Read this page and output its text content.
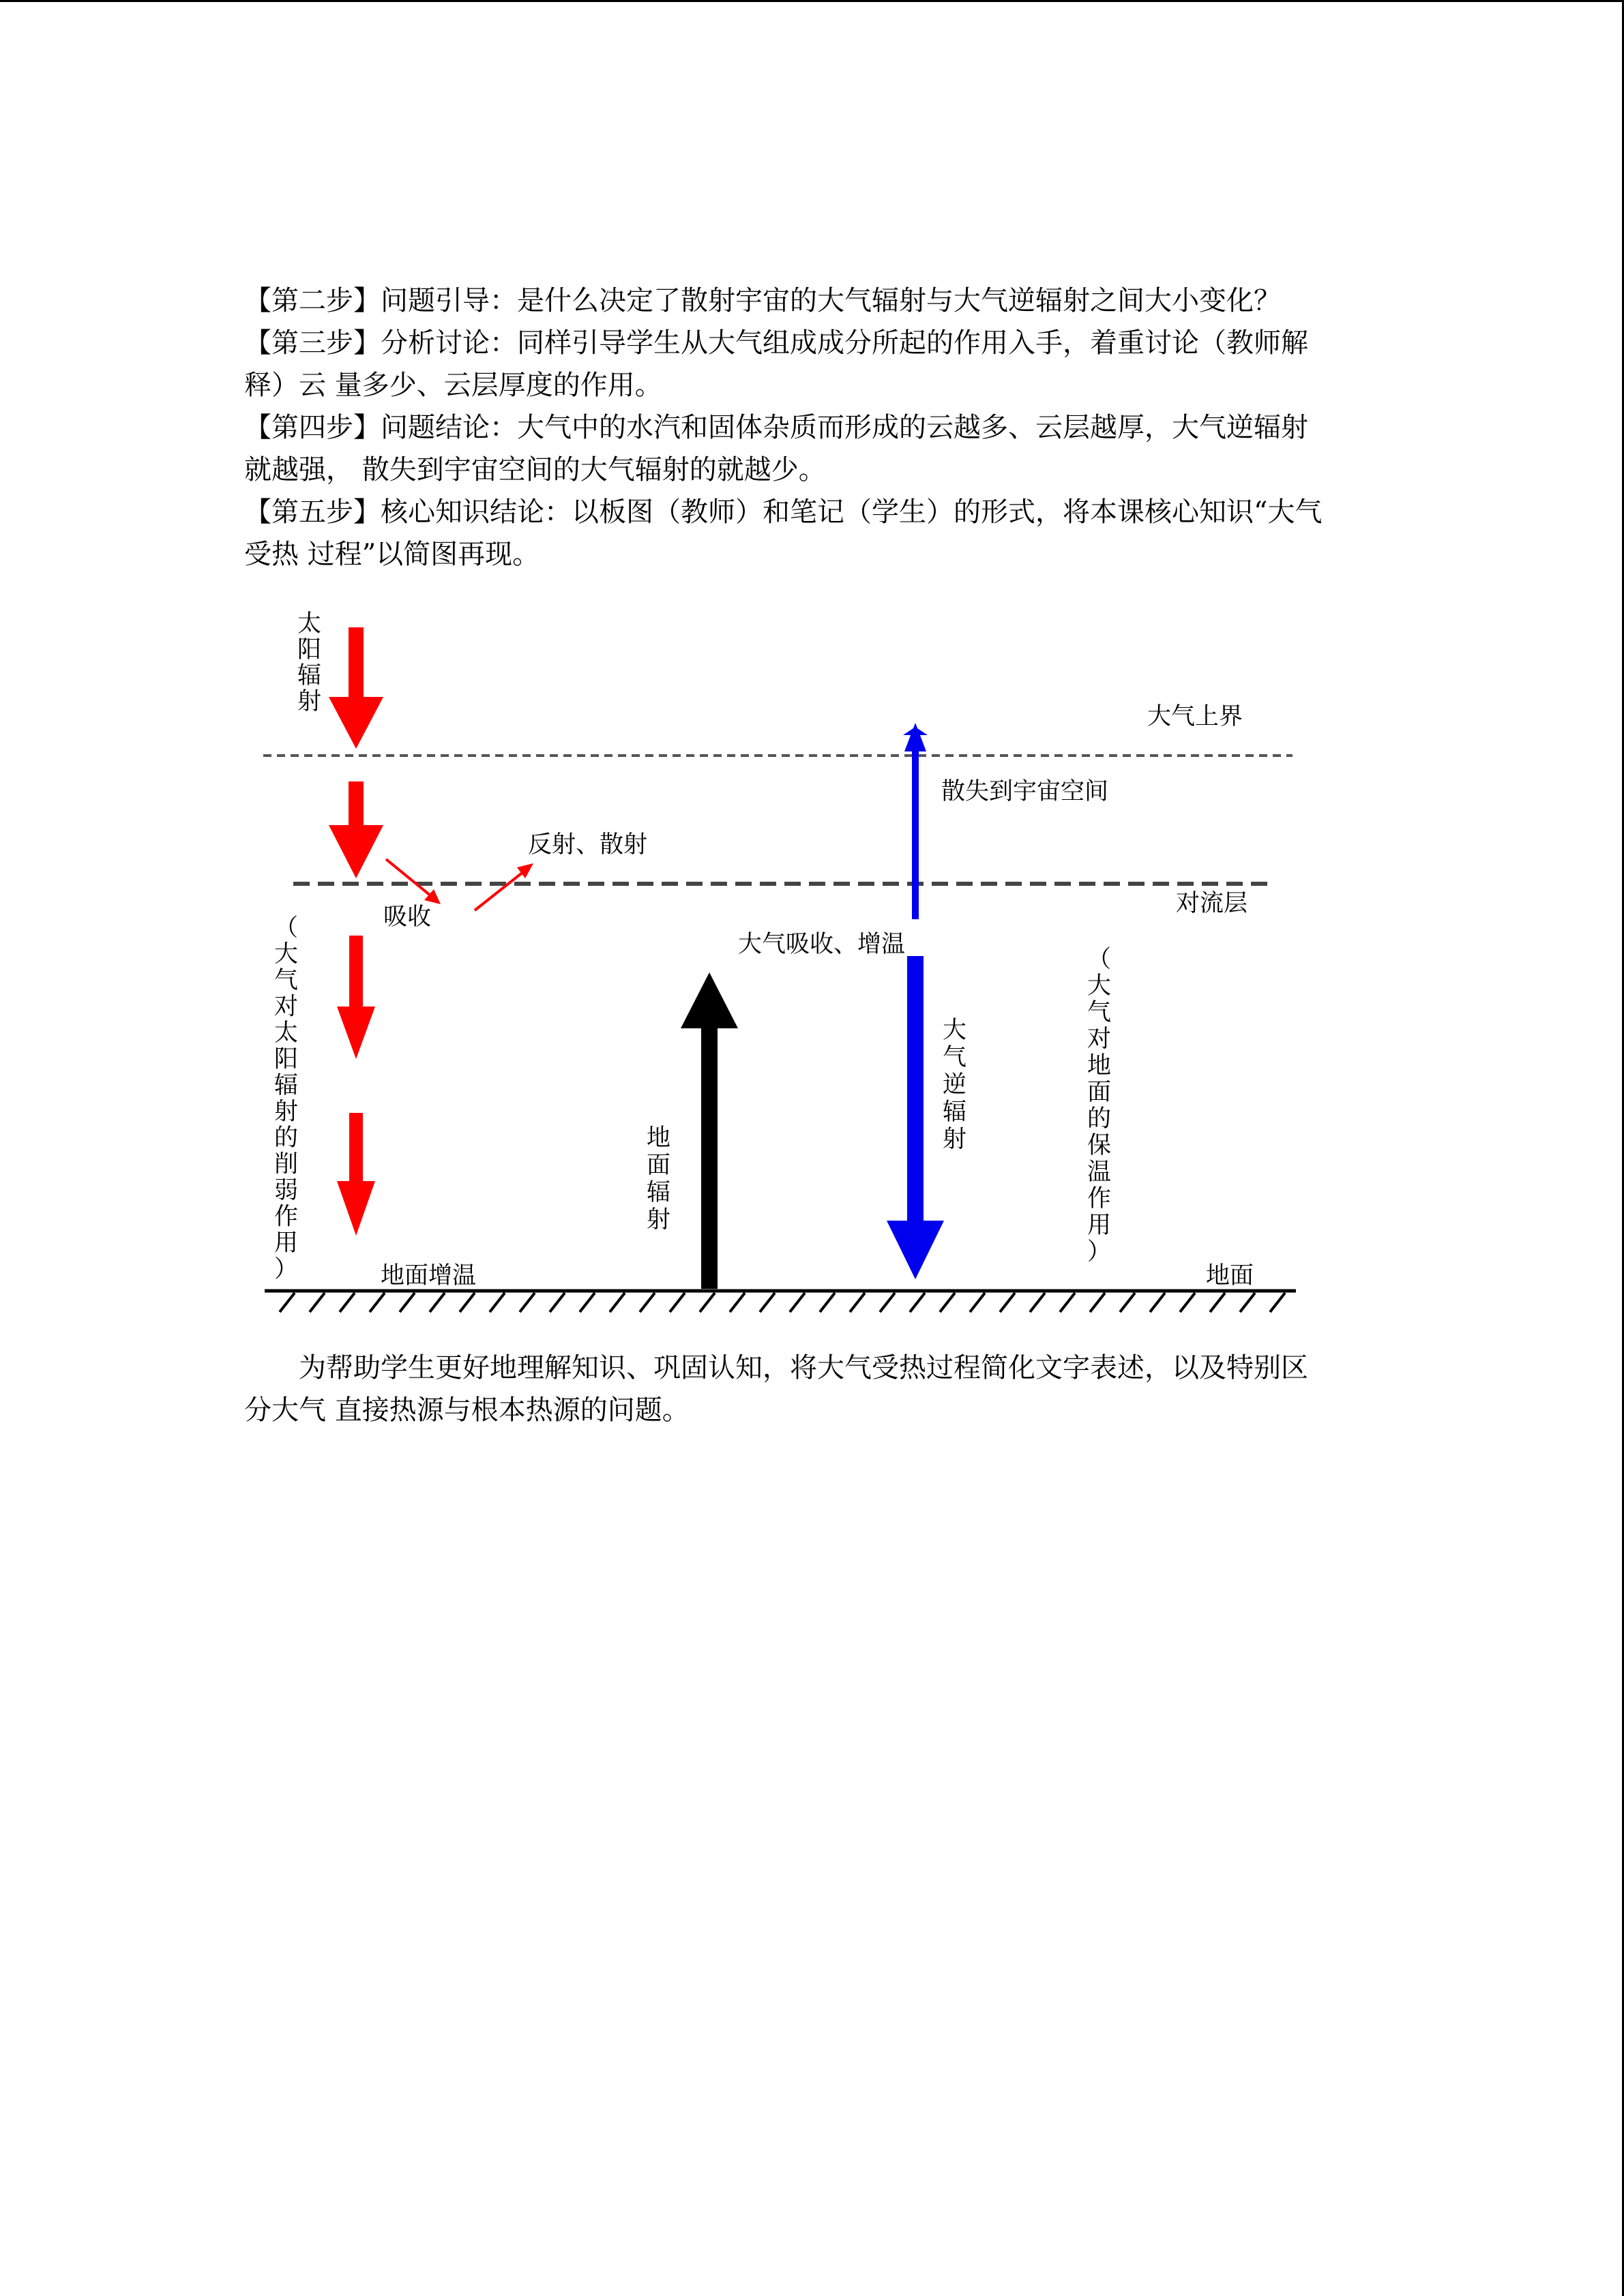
【第二步】问题引导：是什么决定了散射宇宙的大气辐射与大气逆辐射之间大小变化？

【第三步】分析讨论：同样引导学生从大气组成成分所起的作用入手，着重讨论（教师解

释）云 量多少、云层厚度的作用。

【第四步】问题结论：大气中的水汽和固体杂质而形成的云越多、云层越厚，大气逆辐射

就越强， 散失到宇宙空间的大气辐射的就越少。

【第五步】核心知识结论：以板图（教师）和笔记（学生）的形式，将本课核心知识“大气

受热 过程”以简图再现。

太阳辐射
大气上界
散失到宇宙空间
反射、散射
吸收	对流层
大气吸收、增温
地面增温	地面
（大气对太阳辐射的削弱作用）
地面辐射
大气逆辐射
（大气对地面的保温作用）

为帮助学生更好地理解知识、巩固认知，将大气受热过程简化文字表述，以及特别区

分大气 直接热源与根本热源的问题。
